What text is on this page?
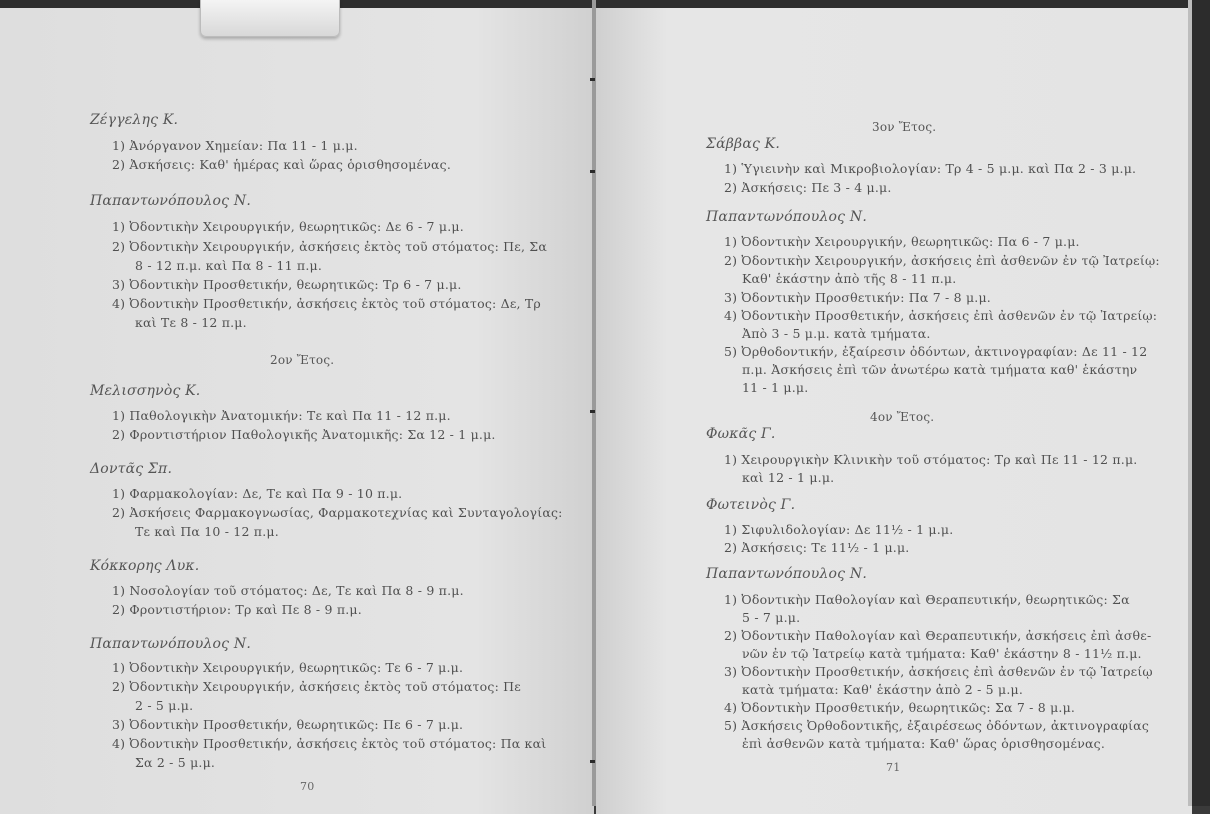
Ζέγγελης Κ.
1) Ἀνόργανον Χημείαν: Πα 11 - 1 μ.μ.
2) Ἀσκήσεις: Καθ' ἡμέρας καὶ ὥρας ὁρισθησομένας.
Παπαντωνόπουλος Ν.
1) Ὀδοντικὴν Χειρουργικήν, θεωρητικῶς: Δε 6 - 7 μ.μ.
2) Ὀδοντικὴν Χειρουργικήν, ἀσκήσεις ἐκτὸς τοῦ στόματος: Πε, Σα
8 - 12 π.μ. καὶ Πα 8 - 11 π.μ.
3) Ὀδοντικὴν Προσθετικήν, θεωρητικῶς: Τρ 6 - 7 μ.μ.
4) Ὀδοντικὴν Προσθετικήν, ἀσκήσεις ἐκτὸς τοῦ στόματος: Δε, Τρ
καὶ Τε 8 - 12 π.μ.
2ον Ἔτος.
Μελισσηνὸς Κ.
1) Παθολογικὴν Ἀνατομικήν: Τε καὶ Πα 11 - 12 π.μ.
2) Φροντιστήριον Παθολογικῆς Ἀνατομικῆς: Σα 12 - 1 μ.μ.
Δοντᾶς Σπ.
1) Φαρμακολογίαν: Δε, Τε καὶ Πα 9 - 10 π.μ.
2) Ἀσκήσεις Φαρμακογνωσίας, Φαρμακοτεχνίας καὶ Συνταγολογίας:
Τε καὶ Πα 10 - 12 π.μ.
Κόκκορης Λυκ.
1) Νοσολογίαν τοῦ στόματος: Δε, Τε καὶ Πα 8 - 9 π.μ.
2) Φροντιστήριον: Τρ καὶ Πε 8 - 9 π.μ.
Παπαντωνόπουλος Ν.
1) Ὀδοντικὴν Χειρουργικήν, θεωρητικῶς: Τε 6 - 7 μ.μ.
2) Ὀδοντικὴν Χειρουργικήν, ἀσκήσεις ἐκτὸς τοῦ στόματος: Πε
2 - 5 μ.μ.
3) Ὀδοντικὴν Προσθετικήν, θεωρητικῶς: Πε 6 - 7 μ.μ.
4) Ὀδοντικὴν Προσθετικήν, ἀσκήσεις ἐκτὸς τοῦ στόματος: Πα καὶ
Σα 2 - 5 μ.μ.
70
3ον Ἔτος.
Σάββας Κ.
1) Ὑγιεινὴν καὶ Μικροβιολογίαν: Τρ 4 - 5 μ.μ. καὶ Πα 2 - 3 μ.μ.
2) Ἀσκήσεις: Πε 3 - 4 μ.μ.
Παπαντωνόπουλος Ν.
1) Ὀδοντικὴν Χειρουργικήν, θεωρητικῶς: Πα 6 - 7 μ.μ.
2) Ὀδοντικὴν Χειρουργικήν, ἀσκήσεις ἐπὶ ἀσθενῶν ἐν τῷ Ἰατρείῳ:
Καθ' ἑκάστην ἀπὸ τῆς 8 - 11 π.μ.
3) Ὀδοντικὴν Προσθετικήν: Πα 7 - 8 μ.μ.
4) Ὀδοντικὴν Προσθετικήν, ἀσκήσεις ἐπὶ ἀσθενῶν ἐν τῷ Ἰατρείῳ:
Ἀπὸ 3 - 5 μ.μ. κατὰ τμήματα.
5) Ὀρθοδοντικήν, ἐξαίρεσιν ὀδόντων, ἀκτινογραφίαν: Δε 11 - 12
π.μ. Ἀσκήσεις ἐπὶ τῶν ἀνωτέρω κατὰ τμήματα καθ' ἑκάστην
11 - 1 μ.μ.
4ον Ἔτος.
Φωκᾶς Γ.
1) Χειρουργικὴν Κλινικὴν τοῦ στόματος: Τρ καὶ Πε 11 - 12 π.μ.
καὶ 12 - 1 μ.μ.
Φωτεινὸς Γ.
1) Σιφυλιδολογίαν: Δε 11½ - 1 μ.μ.
2) Ἀσκήσεις: Τε 11½ - 1 μ.μ.
Παπαντωνόπουλος Ν.
1) Ὀδοντικὴν Παθολογίαν καὶ Θεραπευτικήν, θεωρητικῶς: Σα
5 - 7 μ.μ.
2) Ὀδοντικὴν Παθολογίαν καὶ Θεραπευτικήν, ἀσκήσεις ἐπὶ ἀσθε-
νῶν ἐν τῷ Ἰατρείῳ κατὰ τμήματα: Καθ' ἑκάστην 8 - 11½ π.μ.
3) Ὀδοντικὴν Προσθετικήν, ἀσκήσεις ἐπὶ ἀσθενῶν ἐν τῷ Ἰατρείῳ
κατὰ τμήματα: Καθ' ἑκάστην ἀπὸ 2 - 5 μ.μ.
4) Ὀδοντικὴν Προσθετικήν, θεωρητικῶς: Σα 7 - 8 μ.μ.
5) Ἀσκήσεις Ὀρθοδοντικῆς, ἐξαιρέσεως ὀδόντων, ἀκτινογραφίας
ἐπὶ ἀσθενῶν κατὰ τμήματα: Καθ' ὥρας ὁρισθησομένας.
71
